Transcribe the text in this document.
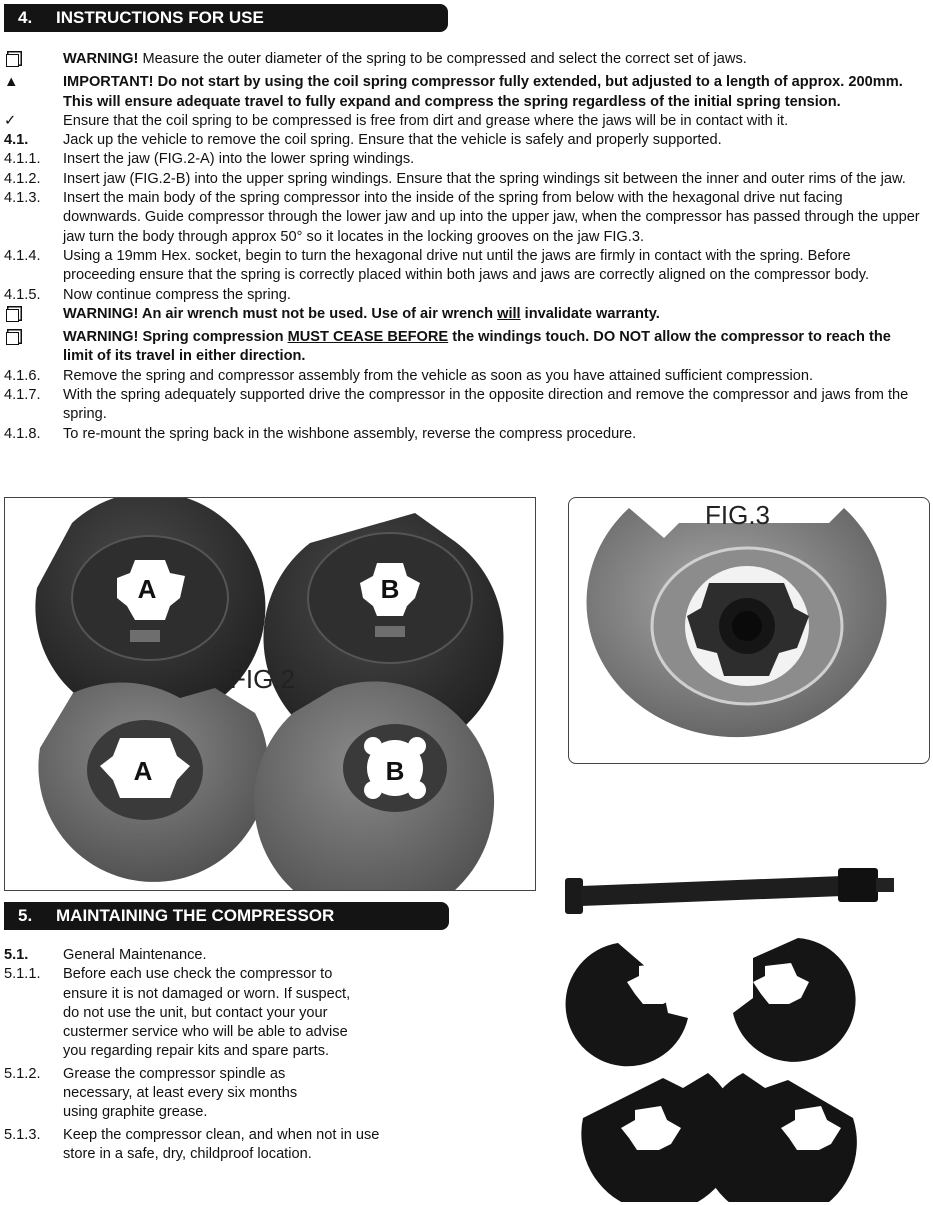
4.	INSTRUCTIONS FOR USE
WARNING! Measure the outer diameter of the spring to be compressed and select the correct set of jaws.
▲	IMPORTANT! Do not start by using the coil spring compressor fully extended, but adjusted to a length of approx. 200mm. This will ensure adequate travel to fully expand and compress the spring regardless of the initial spring tension.
✓	Ensure that the coil spring to be compressed is free from dirt and grease where the jaws will be in contact with it.
4.1.	Jack up the vehicle to remove the coil spring. Ensure that the vehicle is safely and properly supported.
4.1.1.	Insert the jaw (FIG.2-A) into the lower spring windings.
4.1.2.	Insert jaw (FIG.2-B) into the upper spring windings. Ensure that the spring windings sit between the inner and outer rims of the jaw.
4.1.3.	Insert the main body of the spring compressor into the inside of the spring from below with the hexagonal drive nut facing downwards. Guide compressor through the lower jaw and up into the upper jaw, when the compressor has passed through the upper jaw turn the body through approx 50° so it locates in the locking grooves on the jaw FIG.3.
4.1.4.	Using a 19mm Hex. socket, begin to turn the hexagonal drive nut until the jaws are firmly in contact with the spring. Before proceeding ensure that the spring is correctly placed within both jaws and jaws are correctly aligned on the compressor body.
4.1.5.	Now continue compress the spring.
WARNING! An air wrench must not be used. Use of air wrench will invalidate warranty.
WARNING! Spring compression MUST CEASE BEFORE the windings touch. DO NOT allow the compressor to reach the limit of its travel in either direction.
4.1.6.	Remove the spring and compressor assembly from the vehicle as soon as you have attained sufficient compression.
4.1.7.	With the spring adequately supported drive the compressor in the opposite direction and remove the compressor and jaws from the spring.
4.1.8.	To re-mount the spring back in the wishbone assembly, reverse the compress procedure.
A	B
A	B
FIG.2
FIG.3
5.	MAINTAINING THE COMPRESSOR
5.1.	General Maintenance.
5.1.1.	Before each use check the compressor to ensure it is not damaged or worn. If suspect, do not use the unit, but contact your your custermer service who will be able to advise you regarding repair kits and spare parts.
5.1.2.	Grease the compressor spindle as necessary, at least every six months using graphite grease.
5.1.3.	Keep the compressor clean, and when not in use store in a safe, dry, childproof location.
